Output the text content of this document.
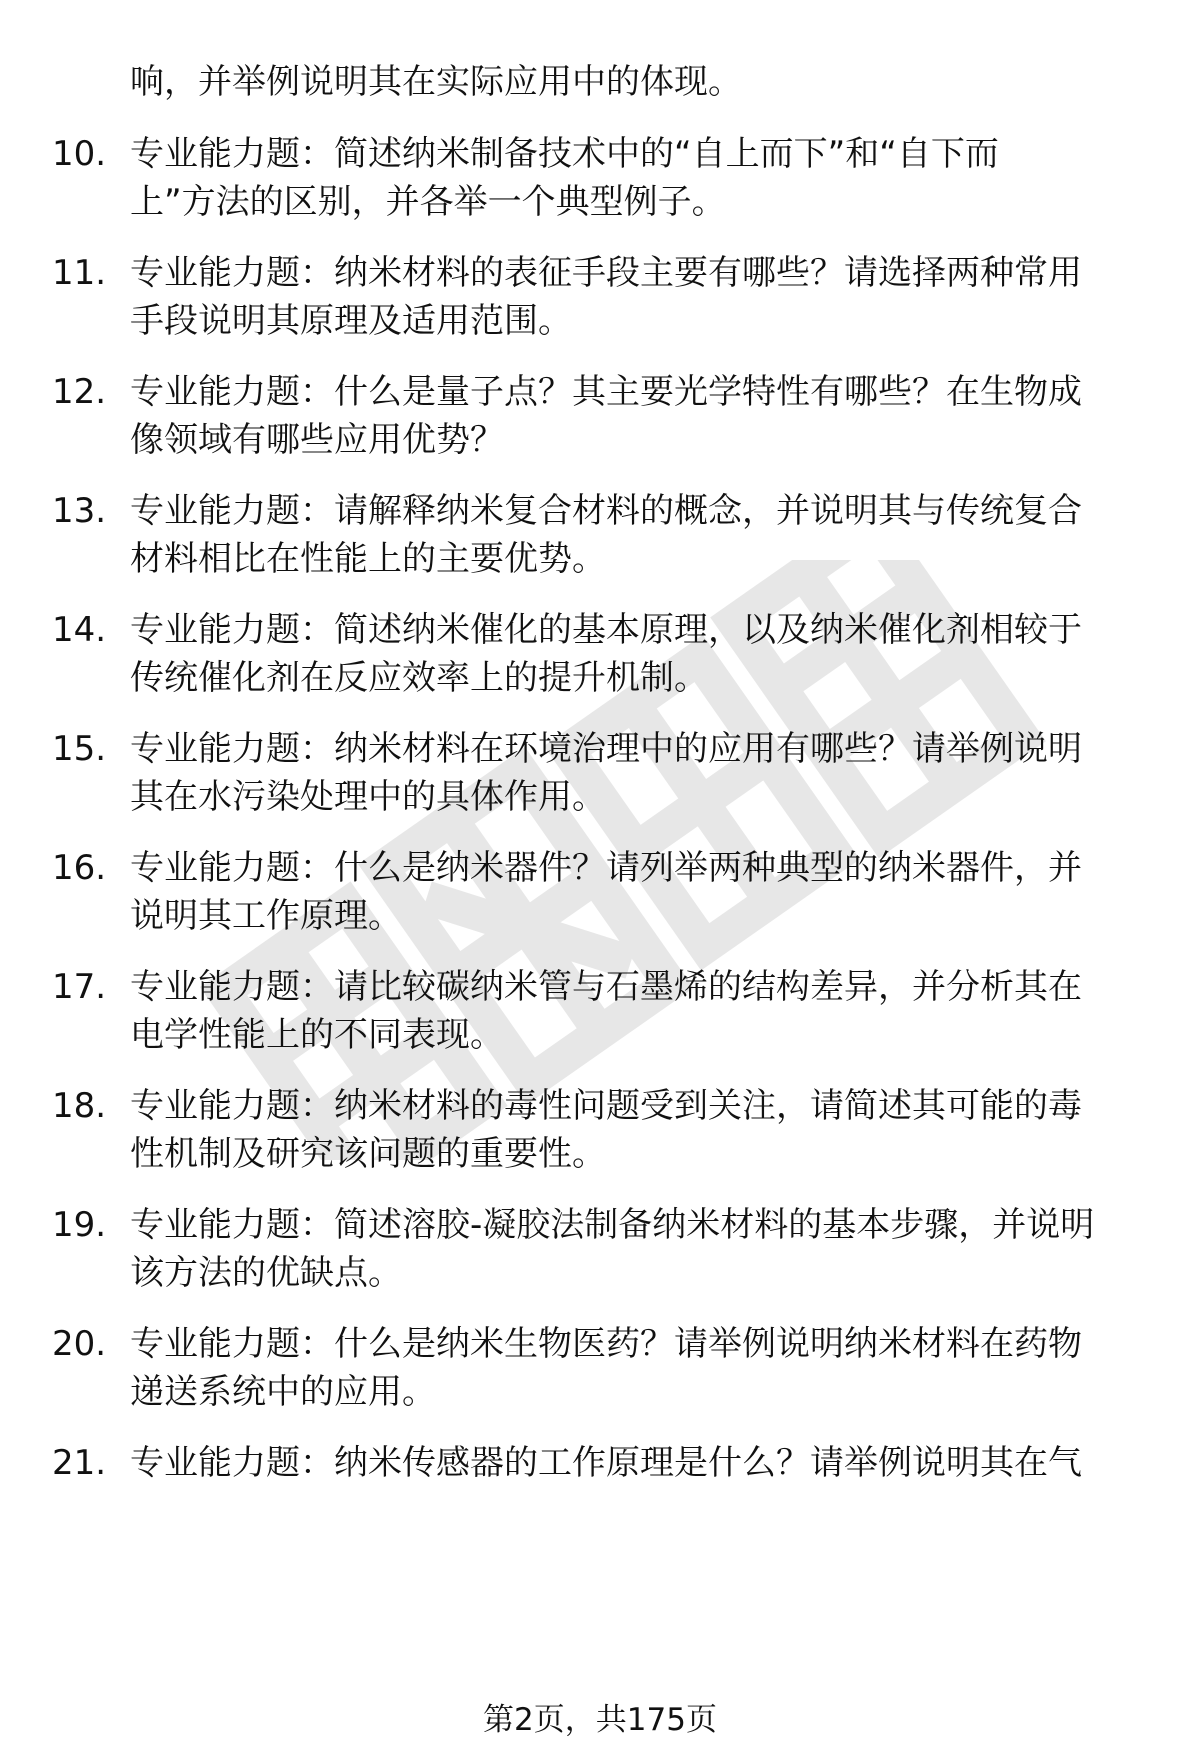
响，并举例说明其在实际应用中的体现。
10. 专业能力题：简述纳米制备技术中的“自上而下”和“自下而
上”方法的区别，并各举一个典型例子。
11. 专业能力题：纳米材料的表征手段主要有哪些？请选择两种常用
手段说明其原理及适用范围。
12. 专业能力题：什么是量子点？其主要光学特性有哪些？在生物成
像领域有哪些应用优势？
13. 专业能力题：请解释纳米复合材料的概念，并说明其与传统复合
材料相比在性能上的主要优势。
14. 专业能力题：简述纳米催化的基本原理，以及纳米催化剂相较于
传统催化剂在反应效率上的提升机制。
15. 专业能力题：纳米材料在环境治理中的应用有哪些？请举例说明
其在水污染处理中的具体作用。
16. 专业能力题：什么是纳米器件？请列举两种典型的纳米器件，并
说明其工作原理。
17. 专业能力题：请比较碳纳米管与石墨烯的结构差异，并分析其在
电学性能上的不同表现。
18. 专业能力题：纳米材料的毒性问题受到关注，请简述其可能的毒
性机制及研究该问题的重要性。
19. 专业能力题：简述溶胶-凝胶法制备纳米材料的基本步骤，并说明
该方法的优缺点。
20. 专业能力题：什么是纳米生物医药？请举例说明纳米材料在药物
递送系统中的应用。
21. 专业能力题：纳米传感器的工作原理是什么？请举例说明其在气
第2页，共175页
